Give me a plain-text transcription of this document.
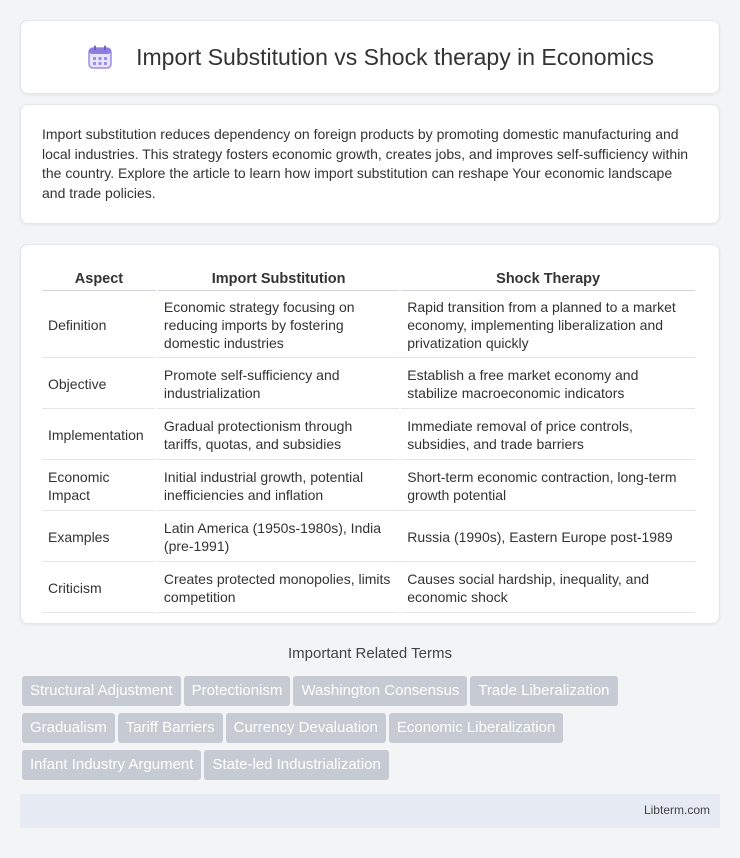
Import Substitution vs Shock therapy in Economics

Import substitution reduces dependency on foreign products by promoting domestic manufacturing and local industries. This strategy fosters economic growth, creates jobs, and improves self-sufficiency within the country. Explore the article to learn how import substitution can reshape Your economic landscape and trade policies.

Aspect	Import Substitution	Shock Therapy
Definition	Economic strategy focusing on reducing imports by fostering domestic industries	Rapid transition from a planned to a market economy, implementing liberalization and privatization quickly
Objective	Promote self-sufficiency and industrialization	Establish a free market economy and stabilize macroeconomic indicators
Implementation	Gradual protectionism through tariffs, quotas, and subsidies	Immediate removal of price controls, subsidies, and trade barriers
Economic Impact	Initial industrial growth, potential inefficiencies and inflation	Short-term economic contraction, long-term growth potential
Examples	Latin America (1950s-1980s), India (pre-1991)	Russia (1990s), Eastern Europe post-1989
Criticism	Creates protected monopolies, limits competition	Causes social hardship, inequality, and economic shock
Important Related Terms
Structural Adjustment Protectionism Washington Consensus Trade Liberalization
Gradualism Tariff Barriers Currency Devaluation Economic Liberalization
Infant Industry Argument State-led Industrialization
Libterm.com
